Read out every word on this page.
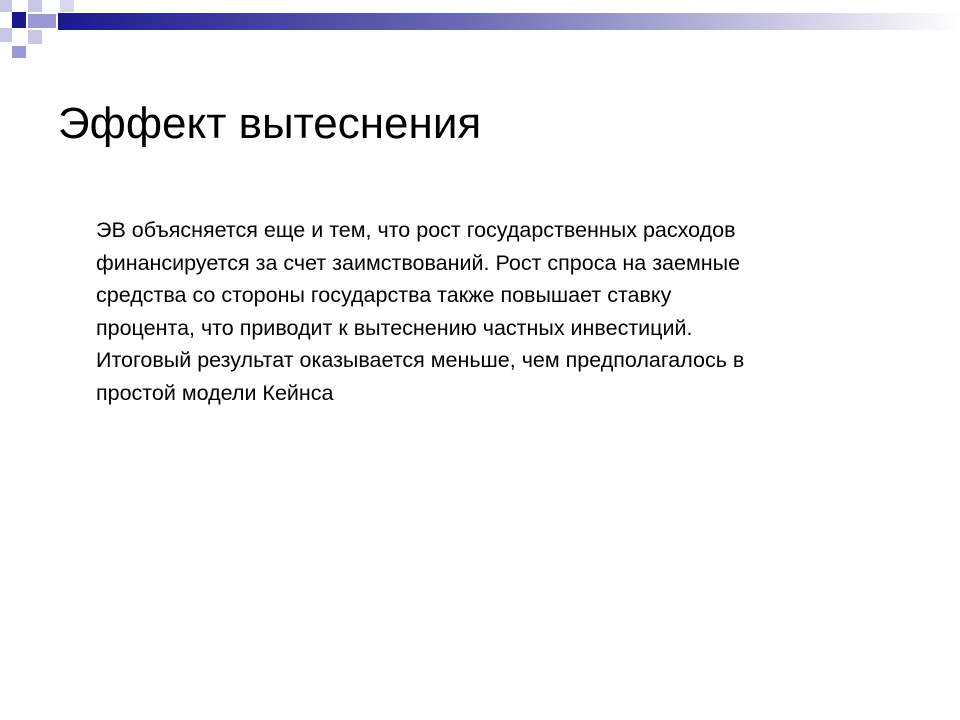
Эффект вытеснения
ЭВ объясняется еще и тем, что рост государственных расходов
финансируется за счет заимствований. Рост спроса на заемные
средства со стороны государства также повышает ставку
процента, что приводит к вытеснению частных инвестиций.
Итоговый результат оказывается меньше, чем предполагалось в
простой модели Кейнса
